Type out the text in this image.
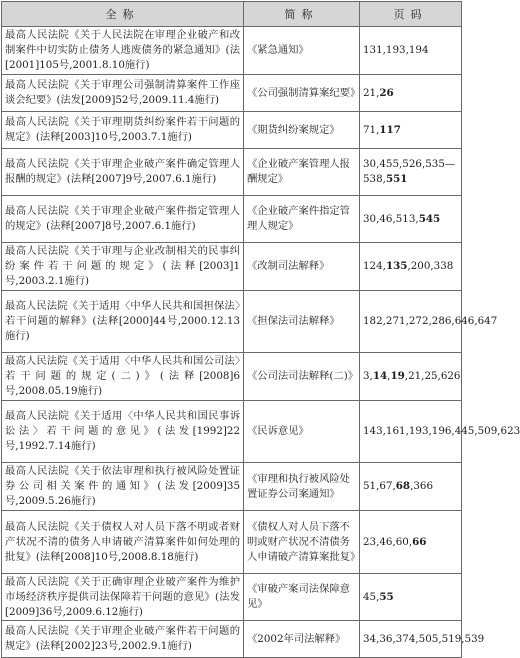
全称	简称	页码
最高人民法院《关于人民法院在审理企业破产和改制案件中切实防止债务人逃废债务的紧急通知》(法[2001]105号,2001.8.10施行)	《紧急通知》	131,193,194
最高人民法院《关于审理公司强制清算案件工作座谈会纪要》(法发[2009]52号,2009.11.4施行)	《公司强制清算案纪要》	21,26
最高人民法院《关于审理期货纠纷案件若干问题的规定》(法释[2003]10号,2003.7.1施行)	《期货纠纷案规定》	71,117
最高人民法院《关于审理企业破产案件确定管理人报酬的规定》(法释[2007]9号,2007.6.1施行)	《企业破产案管理人报酬规定》	30,455,526,535—538,551
最高人民法院《关于审理企业破产案件指定管理人的规定》(法释[2007]8号,2007.6.1施行)	《企业破产案件指定管理人规定》	30,46,513,545
最高人民法院《关于审理与企业改制相关的民事纠纷案件若干问题的规定》(法释[2003]1号,2003.2.1施行)	《改制司法解释》	124,135,200,338
最高人民法院《关于适用〈中华人民共和国担保法〉若干问题的解释》(法释[2000]44号,2000.12.13施行)	《担保法司法解释》	182,271,272,286,646,647
最高人民法院《关于适用〈中华人民共和国公司法〉若干问题的规定(二)》(法释[2008]6号,2008.05.19施行)	《公司法司法解释(二)》	3,14,19,21,25,626
最高人民法院《关于适用〈中华人民共和国民事诉讼法〉若干问题的意见》(法发[1992]22号,1992.7.14施行)	《民诉意见》	143,161,193,196,445,509,623
最高人民法院《关于依法审理和执行被风险处置证券公司相关案件的通知》(法发[2009]35号,2009.5.26施行)	《审理和执行被风险处置证券公司案通知》	51,67,68,366
最高人民法院《关于债权人对人员下落不明或者财产状况不清的债务人申请破产清算案件如何处理的批复》(法释[2008]10号,2008.8.18施行)	《债权人对人员下落不明或财产状况不清债务人申请破产清算案批复》	23,46,60,66
最高人民法院《关于正确审理企业破产案件为维护市场经济秩序提供司法保障若干问题的意见》(法发[2009]36号,2009.6.12施行)	《审破产案司法保障意见》	45,55
最高人民法院《关于审理企业破产案件若干问题的规定》(法释[2002]23号,2002.9.1施行)	《2002年司法解释》	34,36,374,505,519,539
